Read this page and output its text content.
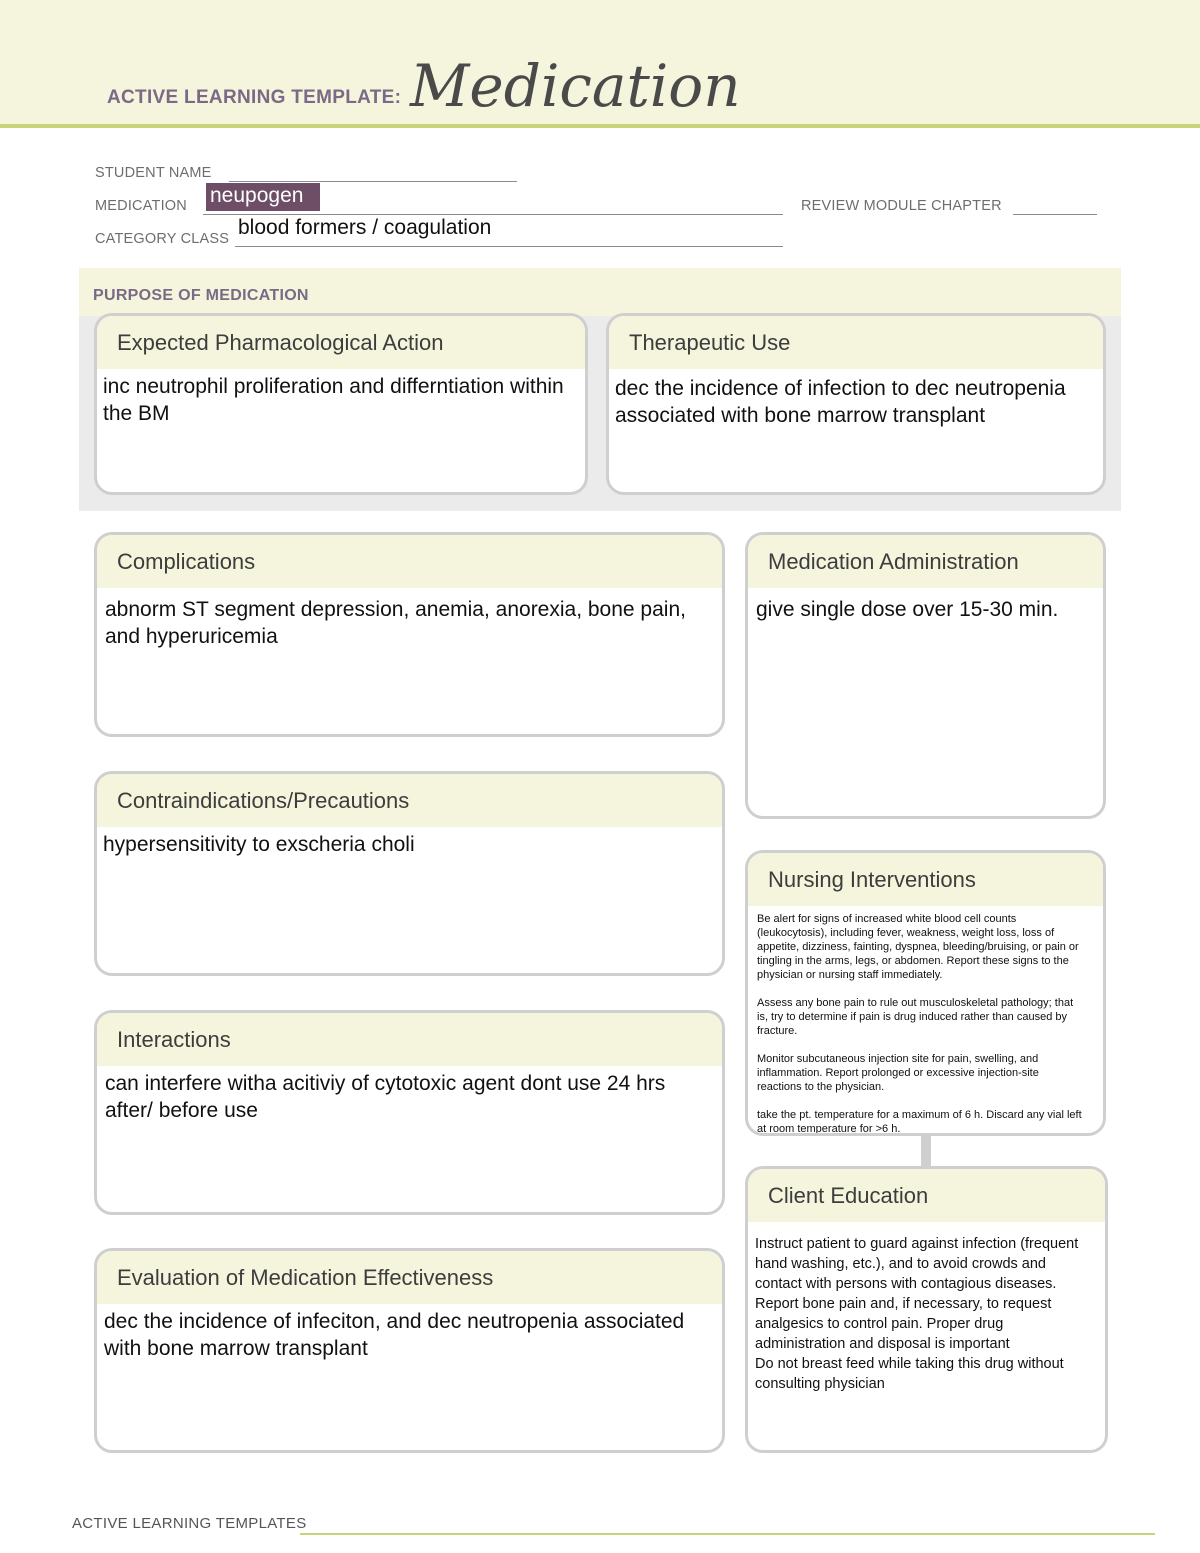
ACTIVE LEARNING TEMPLATE: Medication
STUDENT NAME
MEDICATION neupogen	REVIEW MODULE CHAPTER
CATEGORY CLASS blood formers / coagulation
PURPOSE OF MEDICATION
Expected Pharmacological Action
inc neutrophil proliferation and differntiation within the BM
Therapeutic Use
dec the incidence of infection to dec neutropenia associated with bone marrow transplant
Complications
abnorm ST segment depression, anemia, anorexia, bone pain, and hyperuricemia
Contraindications/Precautions
hypersensitivity to exscheria choli
Interactions
can interfere witha acitiviy of cytotoxic agent dont use 24 hrs after/ before use
Evaluation of Medication Effectiveness
dec the incidence of infeciton, and dec neutropenia associated with bone marrow transplant
Medication Administration
give single dose over 15-30 min.
Nursing Interventions
Be alert for signs of increased white blood cell counts (leukocytosis), including fever, weakness, weight loss, loss of appetite, dizziness, fainting, dyspnea, bleeding/bruising, or pain or tingling in the arms, legs, or abdomen. Report these signs to the physician or nursing staff immediately.

Assess any bone pain to rule out musculoskeletal pathology; that is, try to determine if pain is drug induced rather than caused by fracture.

Monitor subcutaneous injection site for pain, swelling, and inflammation. Report prolonged or excessive injection-site reactions to the physician.

take the pt. temperature for a maximum of 6 h. Discard any vial left at room temperature for >6 h.
Client Education
Instruct patient to guard against infection (frequent hand washing, etc.), and to avoid crowds and contact with persons with contagious diseases.
Report bone pain and, if necessary, to request analgesics to control pain. Proper drug administration and disposal is important
Do not breast feed while taking this drug without consulting physician
ACTIVE LEARNING TEMPLATES
